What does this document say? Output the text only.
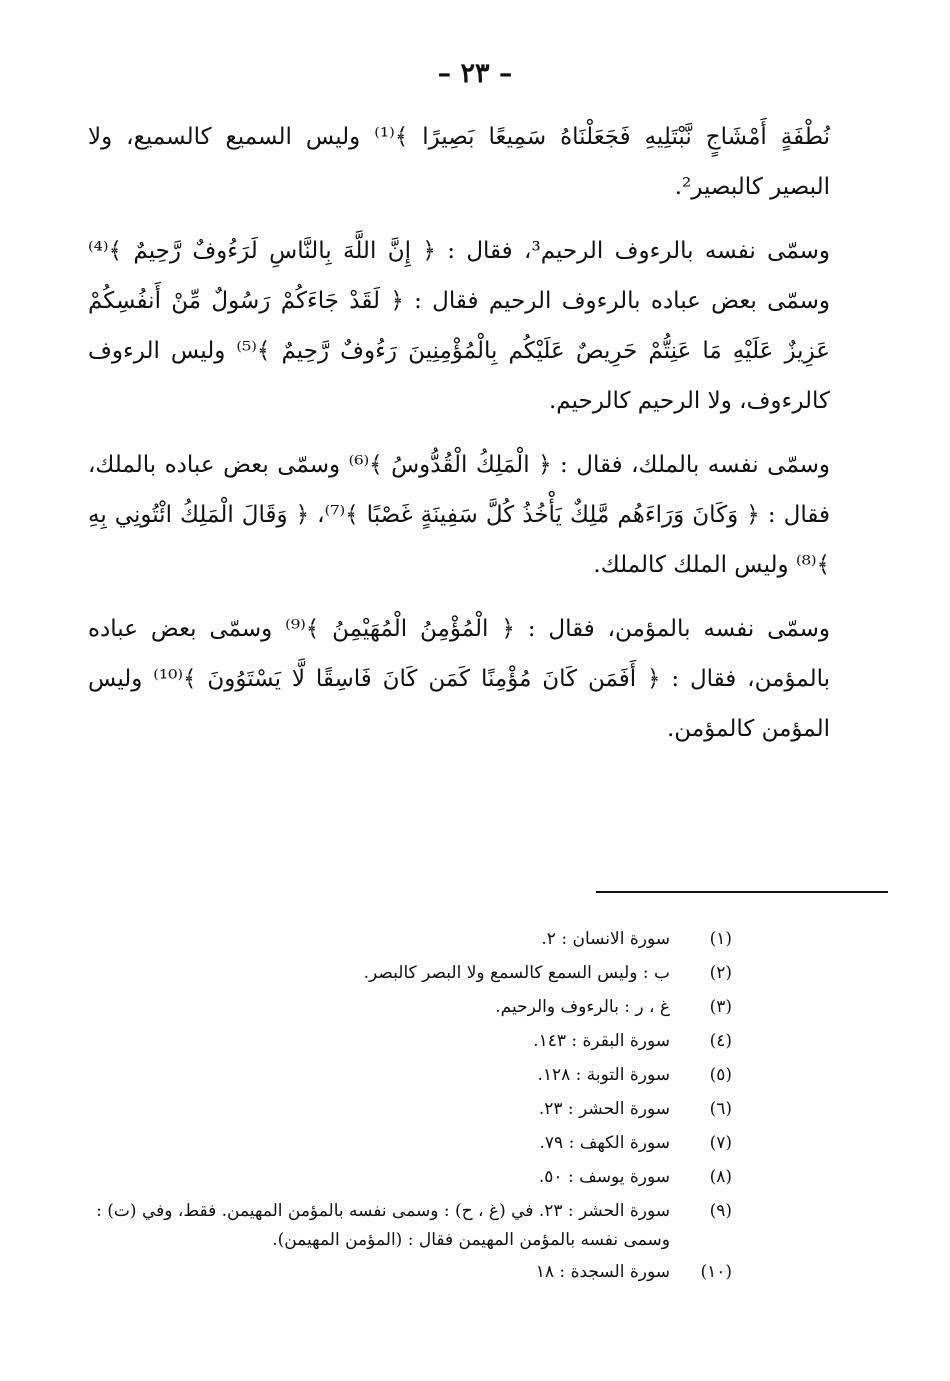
– ٢٣ –

نُطْفَةٍ أَمْشَاجٍ نَّبْتَلِيهِ فَجَعَلْنَاهُ سَمِيعًا بَصِيرًا ﴾⁽¹⁾ وليس السميع كالسميع، ولا البصير كالبصير².

وسمّى نفسه بالرءوف الرحيم³، فقال : ﴿ إِنَّ اللَّهَ بِالنَّاسِ لَرَءُوفٌ رَّحِيمٌ ﴾⁽⁴⁾ وسمّى بعض عباده بالرءوف الرحيم فقال : ﴿ لَقَدْ جَاءَكُمْ رَسُولٌ مِّنْ أَنفُسِكُمْ عَزِيزٌ عَلَيْهِ مَا عَنِتُّمْ حَرِيصٌ عَلَيْكُم بِالْمُؤْمِنِينَ رَءُوفٌ رَّحِيمٌ ﴾⁽⁵⁾ وليس الرءوف كالرءوف، ولا الرحيم كالرحيم.

وسمّى نفسه بالملك، فقال : ﴿ الْمَلِكُ الْقُدُّوسُ ﴾⁽⁶⁾ وسمّى بعض عباده بالملك، فقال : ﴿ وَكَانَ وَرَاءَهُم مَّلِكٌ يَأْخُذُ كُلَّ سَفِينَةٍ غَصْبًا ﴾⁽⁷⁾، ﴿ وَقَالَ الْمَلِكُ ائْتُونِي بِهِ ﴾⁽⁸⁾ وليس الملك كالملك.

وسمّى نفسه بالمؤمن، فقال : ﴿ الْمُؤْمِنُ الْمُهَيْمِنُ ﴾⁽⁹⁾ وسمّى بعض عباده بالمؤمن، فقال : ﴿ أَفَمَن كَانَ مُؤْمِنًا كَمَن كَانَ فَاسِقًا لَّا يَسْتَوُونَ ﴾⁽¹⁰⁾ وليس المؤمن كالمؤمن.

(١)
سورة الانسان : ٢.
(٢)
ب : وليس السمع كالسمع ولا البصر كالبصر.
(٣)
غ ، ر : بالرءوف والرحيم.
(٤)
سورة البقرة : ١٤٣.
(٥)
سورة التوبة : ١٢٨.
(٦)
سورة الحشر : ٢٣.
(٧)
سورة الكهف : ٧٩.
(٨)
سورة يوسف : ٥٠.
(٩)
سورة الحشر : ٢٣. في (غ ، ح) : وسمى نفسه بالمؤمن المهيمن. فقط، وفي (ت) : وسمى نفسه بالمؤمن المهيمن فقال : (المؤمن المهيمن).
(١٠)
سورة السجدة : ١٨
